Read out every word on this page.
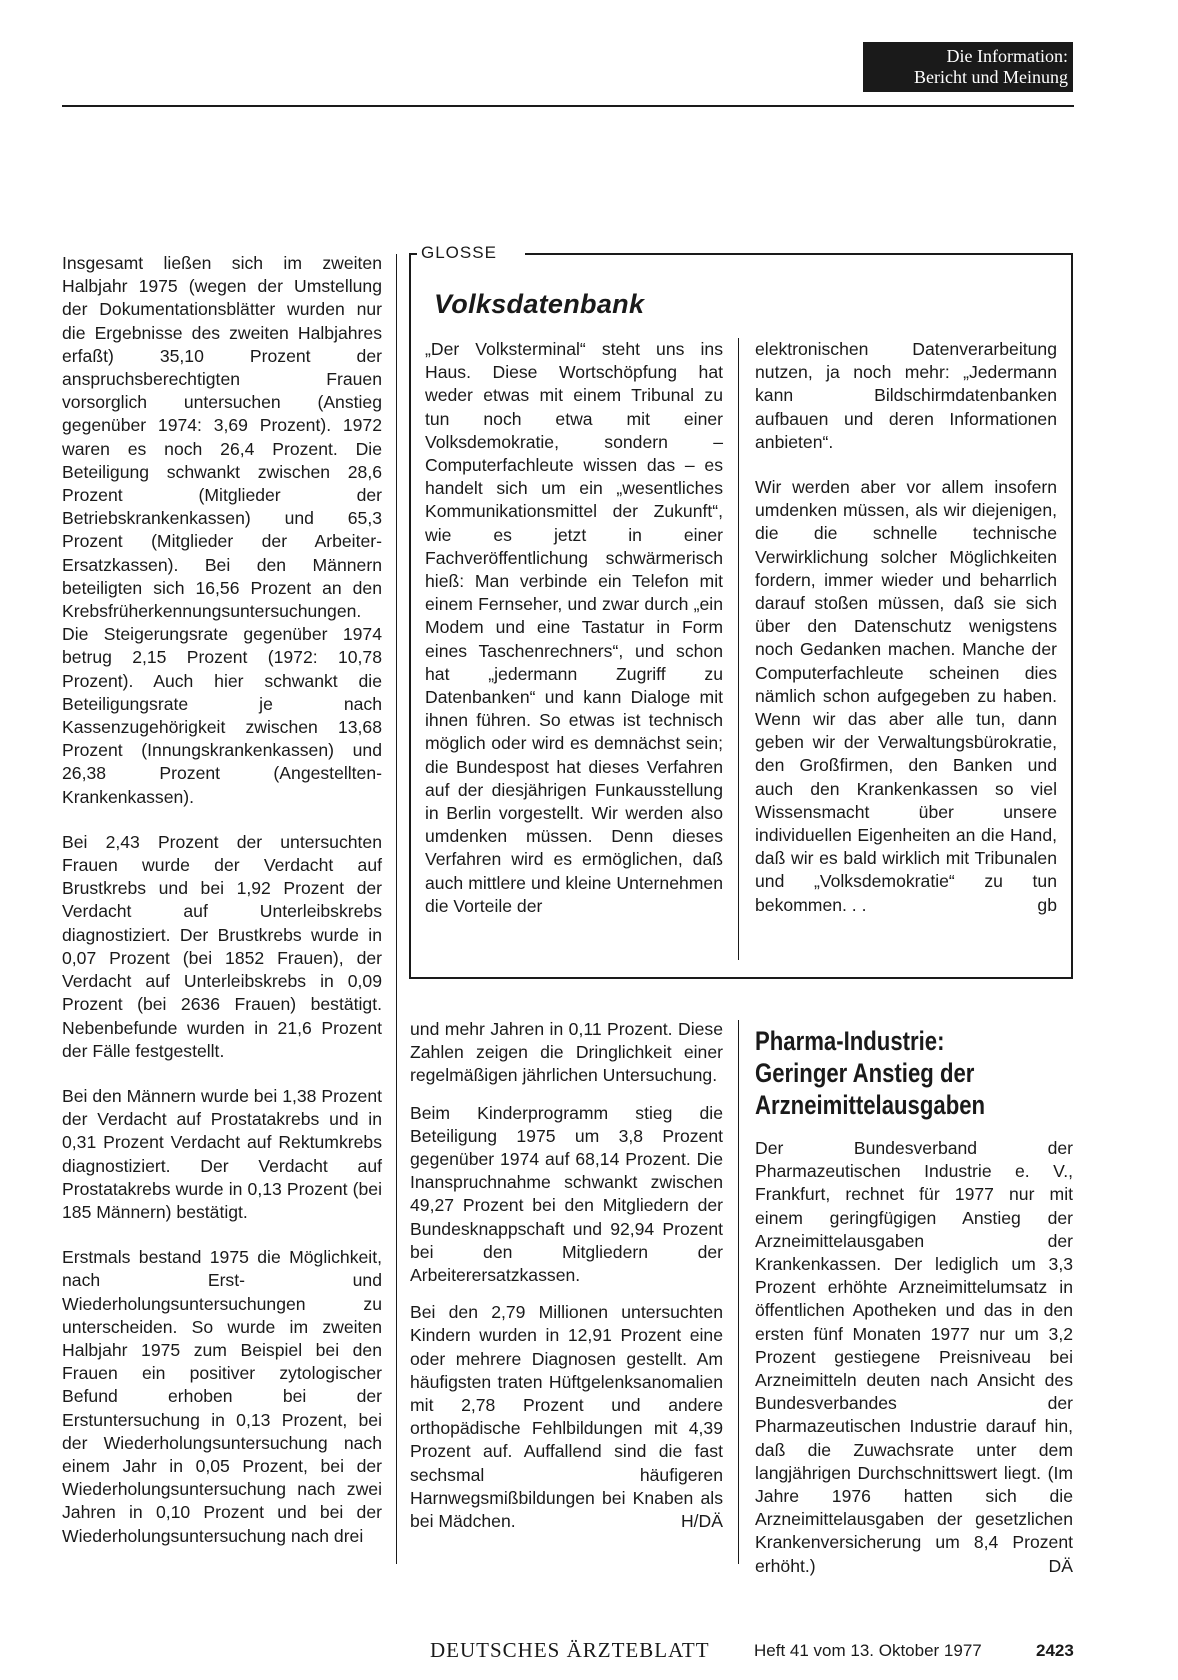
Die Information:
Bericht und Meinung

Insgesamt ließen sich im zweiten Halbjahr 1975 (wegen der Umstellung der Dokumentationsblätter wurden nur die Ergebnisse des zweiten Halbjahres erfaßt) 35,10 Prozent der anspruchsberechtigten Frauen vorsorglich untersuchen (Anstieg gegenüber 1974: 3,69 Prozent). 1972 waren es noch 26,4 Prozent. Die Beteiligung schwankt zwischen 28,6 Prozent (Mitglieder der Betriebskrankenkassen) und 65,3 Prozent (Mitglieder der Arbeiter-Ersatzkassen). Bei den Männern beteiligten sich 16,56 Prozent an den Krebsfrüherkennungsuntersuchungen. Die Steigerungsrate gegenüber 1974 betrug 2,15 Prozent (1972: 10,78 Prozent). Auch hier schwankt die Beteiligungsrate je nach Kassenzugehörigkeit zwischen 13,68 Prozent (Innungskrankenkassen) und 26,38 Prozent (Angestellten-Krankenkassen).

Bei 2,43 Prozent der untersuchten Frauen wurde der Verdacht auf Brustkrebs und bei 1,92 Prozent der Verdacht auf Unterleibskrebs diagnostiziert. Der Brustkrebs wurde in 0,07 Prozent (bei 1852 Frauen), der Verdacht auf Unterleibskrebs in 0,09 Prozent (bei 2636 Frauen) bestätigt. Nebenbefunde wurden in 21,6 Prozent der Fälle festgestellt.

Bei den Männern wurde bei 1,38 Prozent der Verdacht auf Prostatakrebs und in 0,31 Prozent Verdacht auf Rektumkrebs diagnostiziert. Der Verdacht auf Prostatakrebs wurde in 0,13 Prozent (bei 185 Männern) bestätigt.

Erstmals bestand 1975 die Möglichkeit, nach Erst- und Wiederholungsuntersuchungen zu unterscheiden. So wurde im zweiten Halbjahr 1975 zum Beispiel bei den Frauen ein positiver zytologischer Befund erhoben bei der Erstuntersuchung in 0,13 Prozent, bei der Wiederholungsuntersuchung nach einem Jahr in 0,05 Prozent, bei der Wiederholungsuntersuchung nach zwei Jahren in 0,10 Prozent und bei der Wiederholungsuntersuchung nach drei

GLOSSE
Volksdatenbank

„Der Volksterminal“ steht uns ins Haus. Diese Wortschöpfung hat weder etwas mit einem Tribunal zu tun noch etwa mit einer Volksdemokratie, sondern – Computerfachleute wissen das – es handelt sich um ein „wesentliches Kommunikationsmittel der Zukunft“, wie es jetzt in einer Fachveröffentlichung schwärmerisch hieß: Man verbinde ein Telefon mit einem Fernseher, und zwar durch „ein Modem und eine Tastatur in Form eines Taschenrechners“, und schon hat „jedermann Zugriff zu Datenbanken“ und kann Dialoge mit ihnen führen. So etwas ist technisch möglich oder wird es demnächst sein; die Bundespost hat dieses Verfahren auf der diesjährigen Funkausstellung in Berlin vorgestellt. Wir werden also umdenken müssen. Denn dieses Verfahren wird es ermöglichen, daß auch mittlere und kleine Unternehmen die Vorteile der

elektronischen Datenverarbeitung nutzen, ja noch mehr: „Jedermann kann Bildschirmdatenbanken aufbauen und deren Informationen anbieten“.

Wir werden aber vor allem insofern umdenken müssen, als wir diejenigen, die die schnelle technische Verwirklichung solcher Möglichkeiten fordern, immer wieder und beharrlich darauf stoßen müssen, daß sie sich über den Datenschutz wenigstens noch Gedanken machen. Manche der Computerfachleute scheinen dies nämlich schon aufgegeben zu haben. Wenn wir das aber alle tun, dann geben wir der Verwaltungsbürokratie, den Großfirmen, den Banken und auch den Krankenkassen so viel Wissensmacht über unsere individuellen Eigenheiten an die Hand, daß wir es bald wirklich mit Tribunalen und „Volksdemokratie“ zu tun bekommen. . .	gb

und mehr Jahren in 0,11 Prozent. Diese Zahlen zeigen die Dringlichkeit einer regelmäßigen jährlichen Untersuchung.

Beim Kinderprogramm stieg die Beteiligung 1975 um 3,8 Prozent gegenüber 1974 auf 68,14 Prozent. Die Inanspruchnahme schwankt zwischen 49,27 Prozent bei den Mitgliedern der Bundesknappschaft und 92,94 Prozent bei den Mitgliedern der Arbeiterersatzkassen.

Bei den 2,79 Millionen untersuchten Kindern wurden in 12,91 Prozent eine oder mehrere Diagnosen gestellt. Am häufigsten traten Hüftgelenksanomalien mit 2,78 Prozent und andere orthopädische Fehlbildungen mit 4,39 Prozent auf. Auffallend sind die fast sechsmal häufigeren Harnwegsmißbildungen bei Knaben als bei Mädchen.	H/DÄ

Pharma-Industrie:
Geringer Anstieg der
Arzneimittelausgaben

Der Bundesverband der Pharmazeutischen Industrie e. V., Frankfurt, rechnet für 1977 nur mit einem geringfügigen Anstieg der Arzneimittelausgaben der Krankenkassen. Der lediglich um 3,3 Prozent erhöhte Arzneimittelumsatz in öffentlichen Apotheken und das in den ersten fünf Monaten 1977 nur um 3,2 Prozent gestiegene Preisniveau bei Arzneimitteln deuten nach Ansicht des Bundesverbandes der Pharmazeutischen Industrie darauf hin, daß die Zuwachsrate unter dem langjährigen Durchschnittswert liegt. (Im Jahre 1976 hatten sich die Arzneimittelausgaben der gesetzlichen Krankenversicherung um 8,4 Prozent erhöht.)	DÄ

DEUTSCHES ÄRZTEBLATT	Heft 41 vom 13. Oktober 1977	2423
